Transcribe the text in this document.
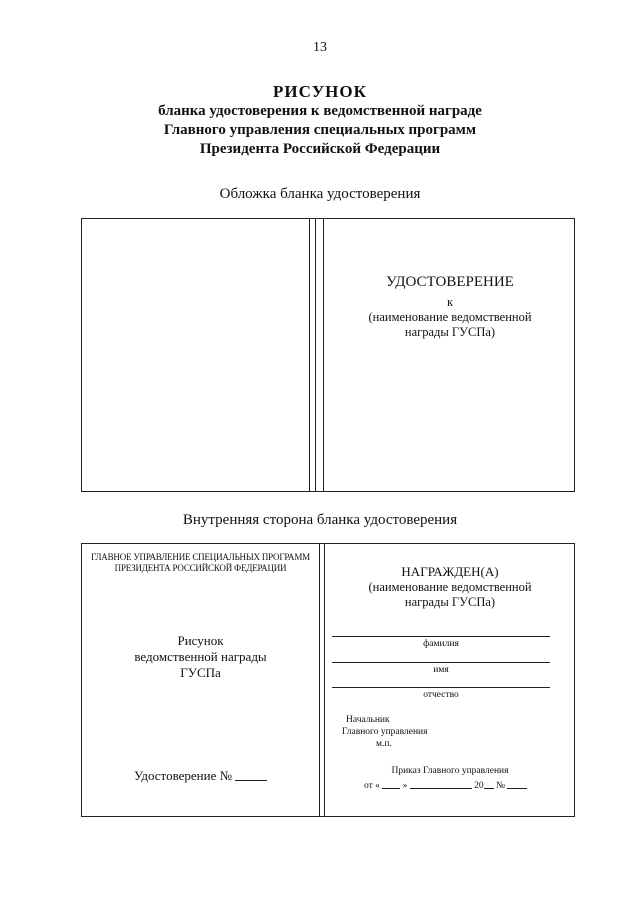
13
РИСУНОК
бланка удостоверения к ведомственной награде
Главного управления специальных программ
Президента Российской Федерации
Обложка бланка удостоверения
УДОСТОВЕРЕНИЕ
к
(наименование ведомственной
награды ГУСПа)
Внутренняя сторона бланка удостоверения
ГЛАВНОЕ УПРАВЛЕНИЕ СПЕЦИАЛЬНЫХ ПРОГРАММ
ПРЕЗИДЕНТА РОССИЙСКОЙ ФЕДЕРАЦИИ
Рисунок
ведомственной награды
ГУСПа
Удостоверение №
НАГРАЖДЕН(А)
(наименование ведомственной
награды ГУСПа)
фамилия
имя
отчество
Начальник
Главного управления
м.п.
Приказ Главного управления
от « »	20 №
